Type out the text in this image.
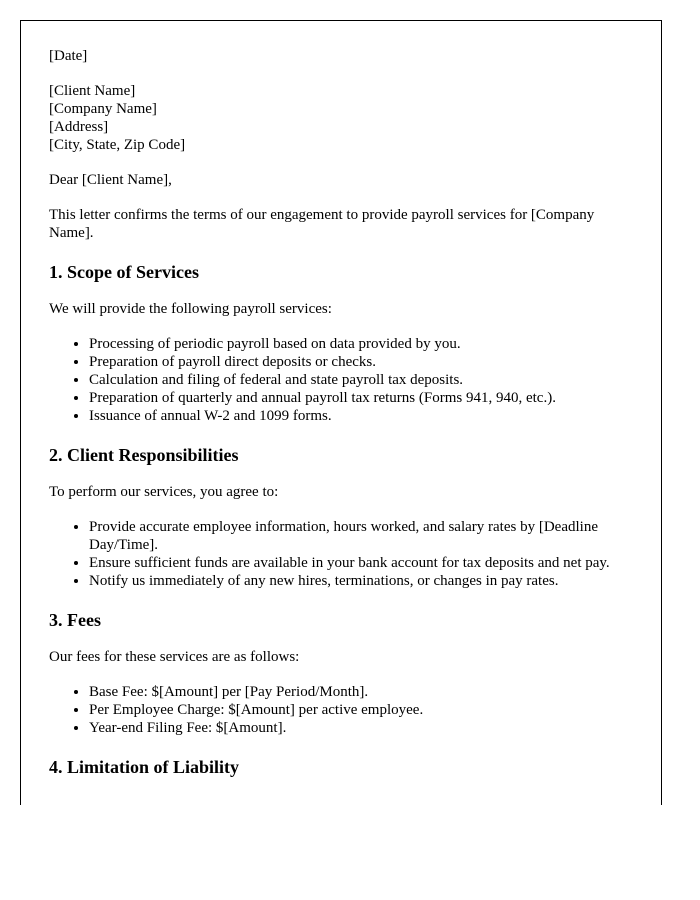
[Date]

[Client Name]

[Company Name]

[Address]

[City, State, Zip Code]

Dear [Client Name],

This letter confirms the terms of our engagement to provide payroll services for [Company Name].

1. Scope of Services

We will provide the following payroll services:

• Processing of periodic payroll based on data provided by you.
• Preparation of payroll direct deposits or checks.
• Calculation and filing of federal and state payroll tax deposits.
• Preparation of quarterly and annual payroll tax returns (Forms 941, 940, etc.).
• Issuance of annual W-2 and 1099 forms.
2. Client Responsibilities

To perform our services, you agree to:

• Provide accurate employee information, hours worked, and salary rates by [Deadline Day/Time].
• Ensure sufficient funds are available in your bank account for tax deposits and net pay.
• Notify us immediately of any new hires, terminations, or changes in pay rates.
3. Fees

Our fees for these services are as follows:

• Base Fee: $[Amount] per [Pay Period/Month].
• Per Employee Charge: $[Amount] per active employee.
• Year-end Filing Fee: $[Amount].
4. Limitation of Liability
